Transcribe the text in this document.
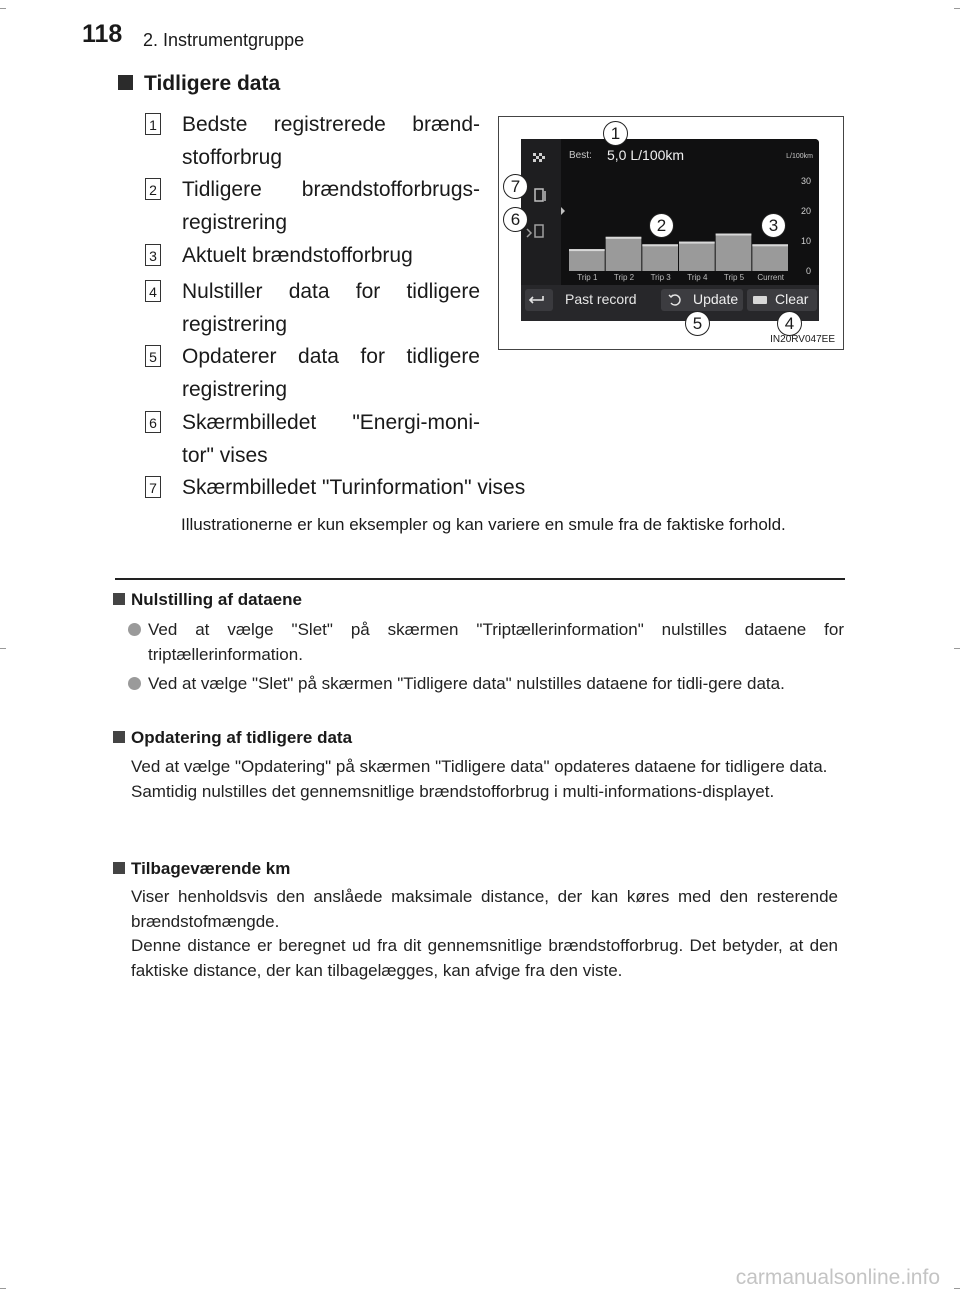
118 2. Instrumentgruppe
Tidligere data
1 Bedste registrerede brænd-stofforbrug
2 Tidligere brændstofforbrugs-registrering
3 Aktuelt brændstofforbrug
4 Nulstiller data for tidligere registrering
5 Opdaterer data for tidligere registrering
6 Skærmbilledet "Energi-moni-tor" vises
7 Skærmbilledet "Turinformation" vises
Illustrationerne er kun eksempler og kan variere en smule fra de faktiske forhold.
Trip 1 Trip 2 Trip 3 Trip 4 Trip 5 Current
30
20
10
0
Best: 5,0 L/100km	L/100km
Past record	Update	Clear
1
2	3
4
5
6
7
IN20RV047EE
Nulstilling af dataene
Ved at vælge "Slet" på skærmen "Triptællerinformation" nulstilles dataene for triptællerinformation.
Ved at vælge "Slet" på skærmen "Tidligere data" nulstilles dataene for tidli-gere data.
Opdatering af tidligere data
Ved at vælge "Opdatering" på skærmen "Tidligere data" opdateres dataene for tidligere data.
Samtidig nulstilles det gennemsnitlige brændstofforbrug i multi-informations-displayet.
Tilbageværende km
Viser henholdsvis den anslåede maksimale distance, der kan køres med den resterende brændstofmængde.
Denne distance er beregnet ud fra dit gennemsnitlige brændstofforbrug. Det betyder, at den faktiske distance, der kan tilbagelægges, kan afvige fra den viste.
carmanualsonline.info
